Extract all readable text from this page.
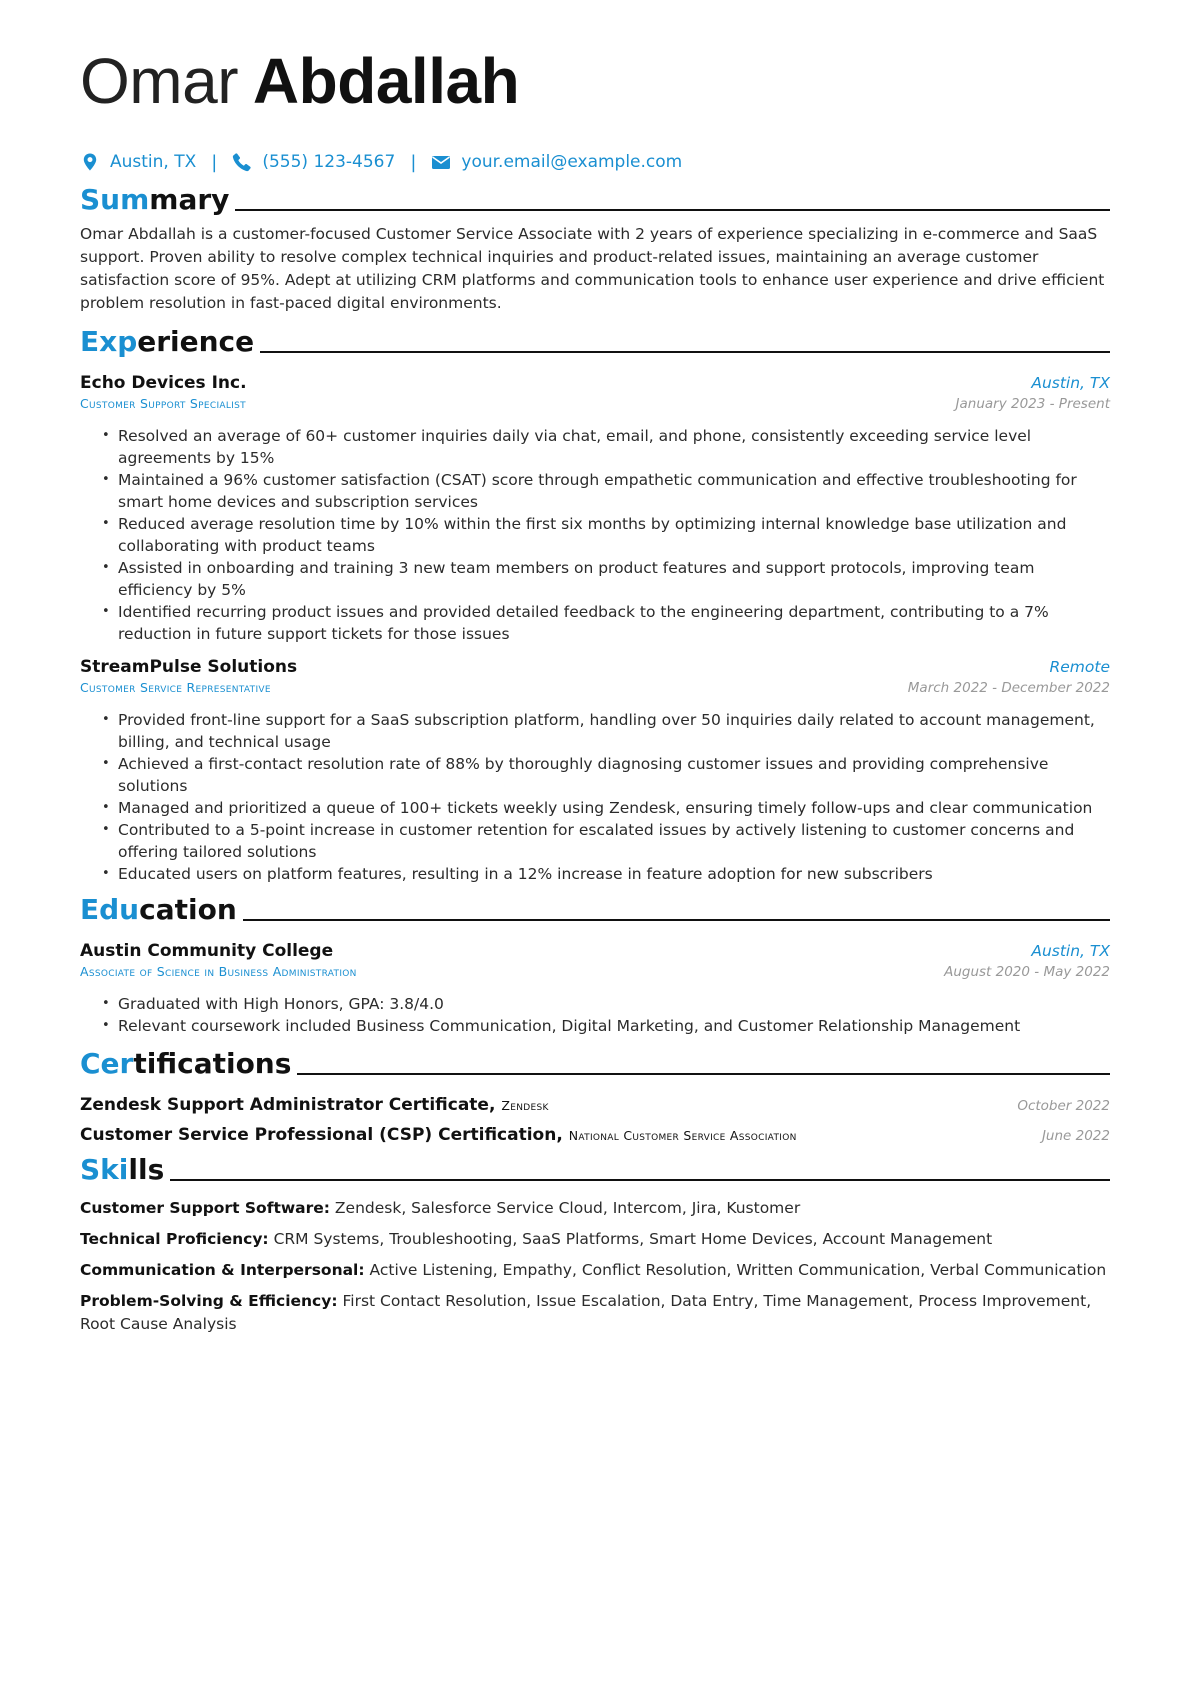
Omar Abdallah
Austin, TX |	(555) 123-4567 |	your.email@example.com
Summary

Omar Abdallah is a customer-focused Customer Service Associate with 2 years of experience specializing in e-commerce and SaaS support. Proven ability to resolve complex technical inquiries and product-related issues, maintaining an average customer satisfaction score of 95%. Adept at utilizing CRM platforms and communication tools to enhance user experience and drive efficient problem resolution in fast-paced digital environments.

Experience
Echo Devices Inc.	Austin, TX
Customer Support Specialist	January 2023 - Present
• Resolved an average of 60+ customer inquiries daily via chat, email, and phone, consistently exceeding service level agreements by 15%
• Maintained a 96% customer satisfaction (CSAT) score through empathetic communication and effective troubleshooting for smart home devices and subscription services
• Reduced average resolution time by 10% within the first six months by optimizing internal knowledge base utilization and collaborating with product teams
• Assisted in onboarding and training 3 new team members on product features and support protocols, improving team efficiency by 5%
• Identified recurring product issues and provided detailed feedback to the engineering department, contributing to a 7% reduction in future support tickets for those issues
StreamPulse Solutions	Remote
Customer Service Representative	March 2022 - December 2022
• Provided front-line support for a SaaS subscription platform, handling over 50 inquiries daily related to account management, billing, and technical usage
• Achieved a first-contact resolution rate of 88% by thoroughly diagnosing customer issues and providing comprehensive solutions
• Managed and prioritized a queue of 100+ tickets weekly using Zendesk, ensuring timely follow-ups and clear communication
• Contributed to a 5-point increase in customer retention for escalated issues by actively listening to customer concerns and offering tailored solutions
• Educated users on platform features, resulting in a 12% increase in feature adoption for new subscribers
Education
Austin Community College	Austin, TX
Associate of Science in Business Administration	August 2020 - May 2022
• Graduated with High Honors, GPA: 3.8/4.0
• Relevant coursework included Business Communication, Digital Marketing, and Customer Relationship Management
Certifications
Zendesk Support Administrator Certificate, Zendesk	October 2022
Customer Service Professional (CSP) Certification, National Customer Service Association	June 2022
Skills
Customer Support Software: Zendesk, Salesforce Service Cloud, Intercom, Jira, Kustomer
Technical Proficiency: CRM Systems, Troubleshooting, SaaS Platforms, Smart Home Devices, Account Management
Communication & Interpersonal: Active Listening, Empathy, Conflict Resolution, Written Communication, Verbal Communication
Problem-Solving & Efficiency: First Contact Resolution, Issue Escalation, Data Entry, Time Management, Process Improvement, Root Cause Analysis
